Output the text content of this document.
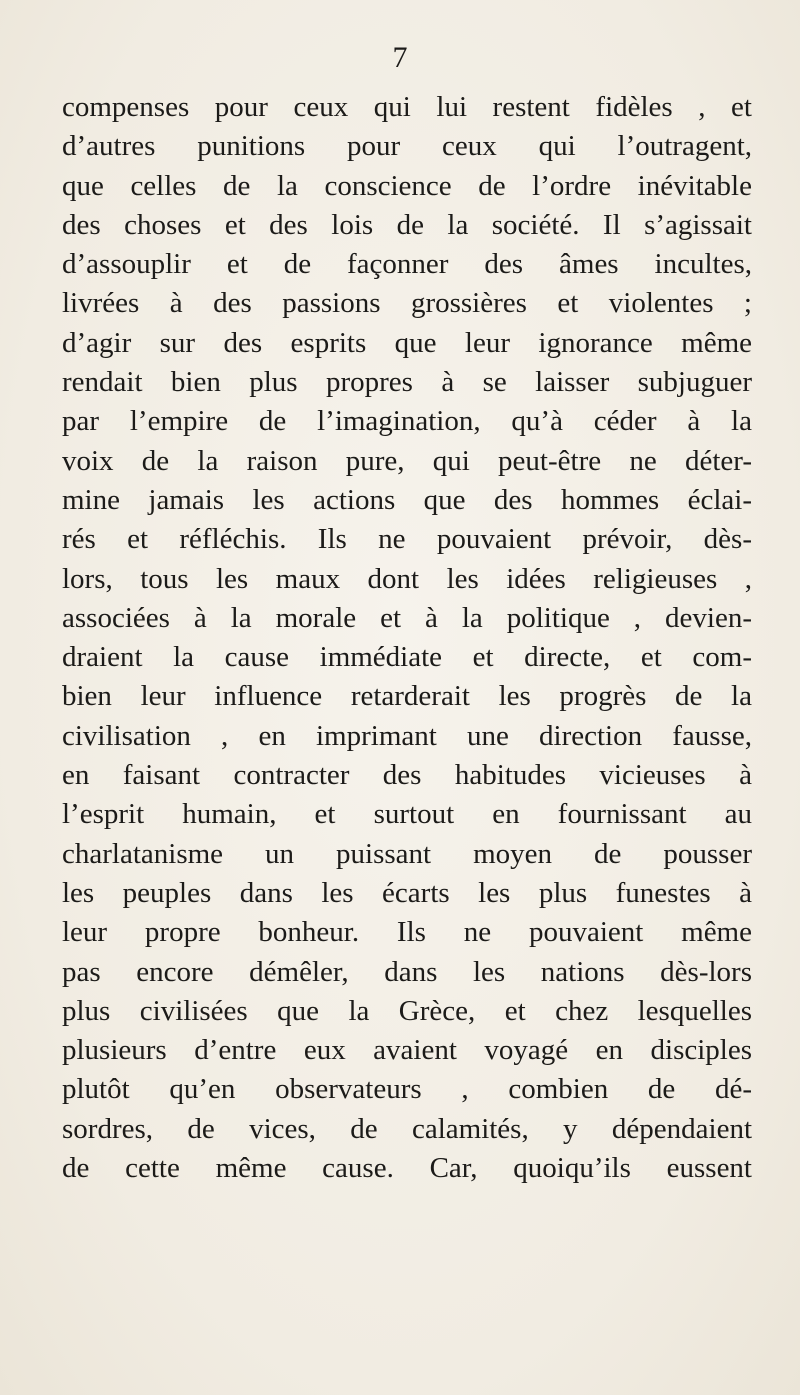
7
compenses pour ceux qui lui restent fidèles , et
d’autres punitions pour ceux qui l’outragent,
que celles de la conscience de l’ordre inévitable
des choses et des lois de la société. Il s’agissait
d’assouplir et de façonner des âmes incultes,
livrées à des passions grossières et violentes ;
d’agir sur des esprits que leur ignorance même
rendait bien plus propres à se laisser subjuguer
par l’empire de l’imagination, qu’à céder à la
voix de la raison pure, qui peut-être ne déter-
mine jamais les actions que des hommes éclai-
rés et réfléchis. Ils ne pouvaient prévoir, dès-
lors, tous les maux dont les idées religieuses ,
associées à la morale et à la politique , devien-
draient la cause immédiate et directe, et com-
bien leur influence retarderait les progrès de la
civilisation , en imprimant une direction fausse,
en faisant contracter des habitudes vicieuses à
l’esprit humain, et surtout en fournissant au
charlatanisme un puissant moyen de pousser
les peuples dans les écarts les plus funestes à
leur propre bonheur. Ils ne pouvaient même
pas encore démêler, dans les nations dès-lors
plus civilisées que la Grèce, et chez lesquelles
plusieurs d’entre eux avaient voyagé en disciples
plutôt qu’en observateurs , combien de dé-
sordres, de vices, de calamités, y dépendaient
de cette même cause. Car, quoiqu’ils eussent
